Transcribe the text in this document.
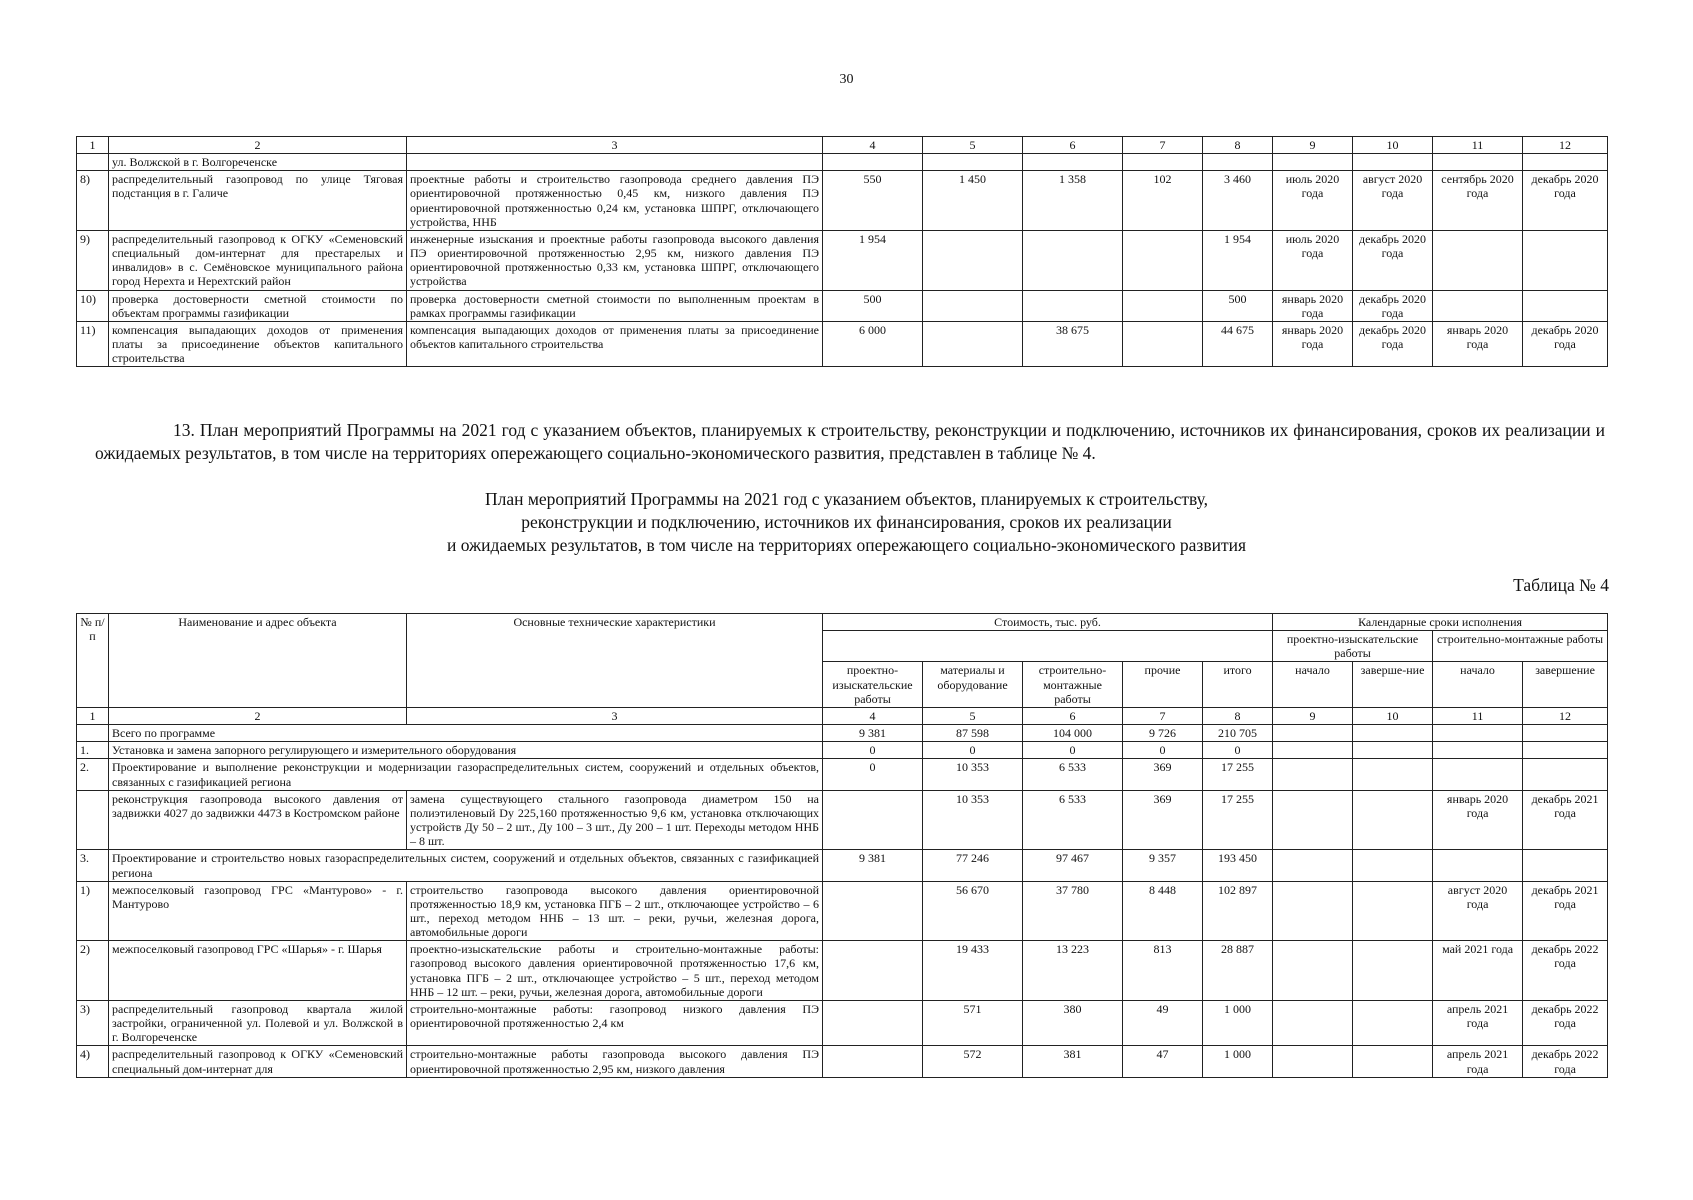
30
1	2	3	4	5	6	7	8	9	10	11	12
	ул. Волжской в г. Волгореченске										
8)	распределительный газопровод по улице Тяговая подстанция в г. Галиче	проектные работы и строительство газопровода среднего давления ПЭ ориентировочной протяженностью 0,45 км, низкого давления ПЭ ориентировочной протяженностью 0,24 км, установка ШПРГ, отключающего устройства, ННБ	550	1 450	1 358	102	3 460	июль 2020 года	август 2020 года	сентябрь 2020 года	декабрь 2020 года
9)	распределительный газопровод к ОГКУ «Семеновский специальный дом-интернат для престарелых и инвалидов» в с. Семёновское муниципального района город Нерехта и Нерехтский район	инженерные изыскания и проектные работы газопровода высокого давления ПЭ ориентировочной протяженностью 2,95 км, низкого давления ПЭ ориентировочной протяженностью 0,33 км, установка ШПРГ, отключающего устройства	1 954				1 954	июль 2020 года	декабрь 2020 года		
10)	проверка достоверности сметной стоимости по объектам программы газификации	проверка достоверности сметной стоимости по выполненным проектам в рамках программы газификации	500				500	январь 2020 года	декабрь 2020 года		
11)	компенсация выпадающих доходов от применения платы за присоединение объектов капитального строительства	компенсация выпадающих доходов от применения платы за присоединение объектов капитального строительства	6 000		38 675		44 675	январь 2020 года	декабрь 2020 года	январь 2020 года	декабрь 2020 года
13. План мероприятий Программы на 2021 год с указанием объектов, планируемых к строительству, реконструкции и подключению, источников их финансирования, сроков их реализации и ожидаемых результатов, в том числе на территориях опережающего социально-экономического развития, представлен в таблице № 4.
План мероприятий Программы на 2021 год с указанием объектов, планируемых к строительству,
реконструкции и подключению, источников их финансирования, сроков их реализации
и ожидаемых результатов, в том числе на территориях опережающего социально-экономического развития
Таблица № 4
№ п/п	Наименование и адрес объекта	Основные технические характеристики	Стоимость, тыс. руб.					Календарные сроки исполнения			
								проектно-изыскательские работы		строительно-монтажные работы	
			проектно-изыскательские работы	материалы и оборудование	строительно-монтажные работы	прочие	итого	начало	заверше-ние	начало	завершение
1	2	3	4	5	6	7	8	9	10	11	12
	Всего по программе		9 381	87 598	104 000	9 726	210 705				
1.	Установка и замена запорного регулирующего и измерительного оборудования		0	0	0	0	0				
2.	Проектирование и выполнение реконструкции и модернизации газораспределительных систем, сооружений и отдельных объектов, связанных с газификацией региона		0	10 353	6 533	369	17 255				
	реконструкция газопровода высокого давления от задвижки 4027 до задвижки 4473 в Костромском районе	замена существующего стального газопровода диаметром 150 на полиэтиленовый Dy 225,160 протяженностью 9,6 км, установка отключающих устройств Ду 50 – 2 шт., Ду 100 – 3 шт., Ду 200 – 1 шт. Переходы методом ННБ – 8 шт.		10 353	6 533	369	17 255			январь 2020 года	декабрь 2021 года
3.	Проектирование и строительство новых газораспределительных систем, сооружений и отдельных объектов, связанных с газификацией региона		9 381	77 246	97 467	9 357	193 450				
1)	межпоселковый газопровод ГРС «Мантурово» - г. Мантурово	строительство газопровода высокого давления ориентировочной протяженностью 18,9 км, установка ПГБ – 2 шт., отключающее устройство – 6 шт., переход методом ННБ – 13 шт. – реки, ручьи, железная дорога, автомобильные дороги		56 670	37 780	8 448	102 897			август 2020 года	декабрь 2021 года
2)	межпоселковый газопровод ГРС «Шарья» - г. Шарья	проектно-изыскательские работы и строительно-монтажные работы: газопровод высокого давления ориентировочной протяженностью 17,6 км, установка ПГБ – 2 шт., отключающее устройство – 5 шт., переход методом ННБ – 12 шт. – реки, ручьи, железная дорога, автомобильные дороги		19 433	13 223	813	28 887			май 2021 года	декабрь 2022 года
3)	распределительный газопровод квартала жилой застройки, ограниченной ул. Полевой и ул. Волжской в г. Волгореченске	строительно-монтажные работы: газопровод низкого давления ПЭ ориентировочной протяженностью 2,4 км		571	380	49	1 000			апрель 2021 года	декабрь 2022 года
4)	распределительный газопровод к ОГКУ «Семеновский специальный дом-интернат для	строительно-монтажные работы газопровода высокого давления ПЭ ориентировочной протяженностью 2,95 км, низкого давления		572	381	47	1 000			апрель 2021 года	декабрь 2022 года
